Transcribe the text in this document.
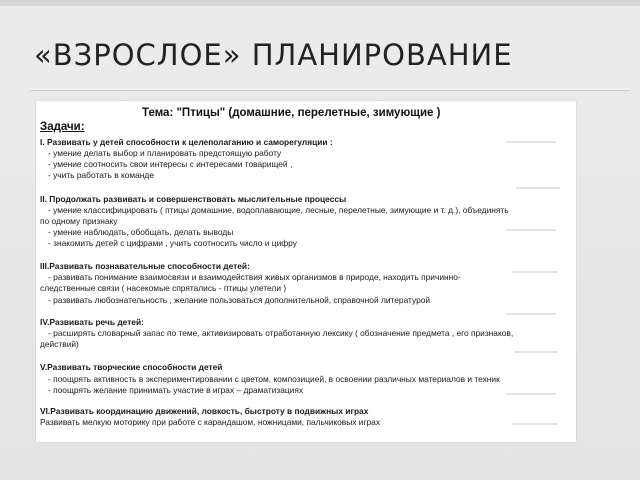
«ВЗРОСЛОЕ» ПЛАНИРОВАНИЕ
Тема: "Птицы" (домашние, перелетные, зимующие )
Задачи:
I. Развивать у детей способности к целеполаганию и саморегуляции :
- умение делать выбор и планировать предстоящую работу
- умение соотносить свои интересы с интересами товарищей ,
- учить работать в команде
II. Продолжать развивать и совершенствовать мыслительные процессы
- умение классифицировать ( птицы домашние, водоплавающие, лесные, перелетные, зимующие и т. д.), объединять
по одному признаку
- умение наблюдать, обобщать, делать выводы
- знакомить детей с цифрами , учить соотносить число и цифру
III.Развивать познавательные способности детей:
- развивать понимание взаимосвязи и взаимодействия живых организмов в природе, находить причинно-
следственные связи ( насекомые спрятались - птицы улетели )
- развивать любознательность , желание пользоваться дополнительной, справочной литературой
IV.Развивать речь детей:
- расширять словарный запас по теме, активизировать отработанную лексику ( обозначение предмета , его признаков,
действий)
V.Развивать творческие способности детей
- поощрять активность в экспериментировании с цветом, композицией, в освоении различных материалов и техник
- поощрять желание принимать участие в играх – драматизациях
VI.Развивать координацию движений, ловкость, быстроту в подвижных играх
Развивать мелкую моторику при работе с карандашом, ножницами, пальчиковых играх
